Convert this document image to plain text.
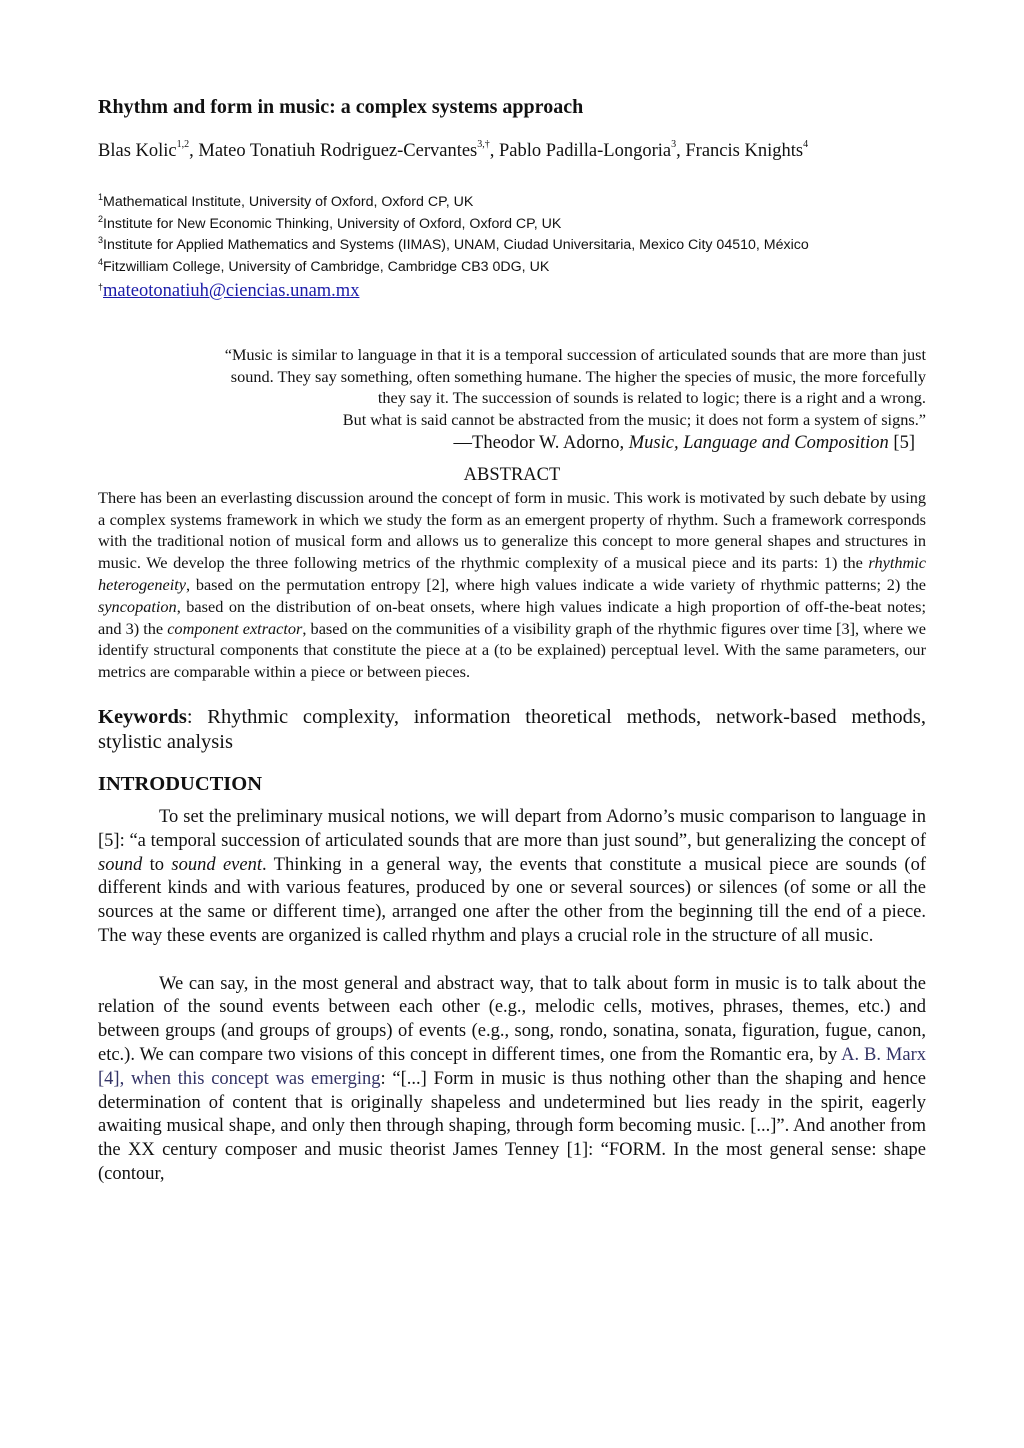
Rhythm and form in music: a complex systems approach
Blas Kolic$^{1,2}$, Mateo Tonatiuh Rodriguez-Cervantes$^{3,\dagger}$, Pablo Padilla-Longoria$^3$, Francis Knights$^4$
$^1$Mathematical Institute, University of Oxford, Oxford CP, UK
$^2$Institute for New Economic Thinking, University of Oxford, Oxford CP, UK
$^3$Institute for Applied Mathematics and Systems (IIMAS), UNAM, Ciudad Universitaria, Mexico City 04510, México
$^4$Fitzwilliam College, University of Cambridge, Cambridge CB3 0DG, UK
†mateotonatiuh@ciencias.unam.mx
“Music is similar to language in that it is a temporal succession of articulated sounds that are more than just
sound. They say something, often something humane. The higher the species of music, the more forcefully
they say it. The succession of sounds is related to logic; there is a right and a wrong.
But what is said cannot be abstracted from the music; it does not form a system of signs.”
—Theodor W. Adorno, Music, Language and Composition [5]
ABSTRACT

There has been an everlasting discussion around the concept of form in music. This work is motivated by such debate by using a complex systems framework in which we study the form as an emergent property of rhythm. Such a framework corresponds with the traditional notion of musical form and allows us to generalize this concept to more general shapes and structures in music. We develop the three following metrics of the rhythmic complexity of a musical piece and its parts: 1) the rhythmic heterogeneity, based on the permutation entropy [2], where high values indicate a wide variety of rhythmic patterns; 2) the syncopation, based on the distribution of on-beat onsets, where high values indicate a high proportion of off-the-beat notes; and 3) the component extractor, based on the communities of a visibility graph of the rhythmic figures over time [3], where we identify structural components that constitute the piece at a (to be explained) perceptual level. With the same parameters, our metrics are comparable within a piece or between pieces.

Keywords: Rhythmic complexity, information theoretical methods, network-based methods, stylistic analysis
INTRODUCTION

To set the preliminary musical notions, we will depart from Adorno’s music comparison to language in [5]: “a temporal succession of articulated sounds that are more than just sound”, but generalizing the concept of sound to sound event. Thinking in a general way, the events that constitute a musical piece are sounds (of different kinds and with various features, produced by one or several sources) or silences (of some or all the sources at the same or different time), arranged one after the other from the beginning till the end of a piece. The way these events are organized is called rhythm and plays a crucial role in the structure of all music.

We can say, in the most general and abstract way, that to talk about form in music is to talk about the relation of the sound events between each other (e.g., melodic cells, motives, phrases, themes, etc.) and between groups (and groups of groups) of events (e.g., song, rondo, sonatina, sonata, figuration, fugue, canon, etc.). We can compare two visions of this concept in different times, one from the Romantic era, by A. B. Marx [4], when this concept was emerging: “[...] Form in music is thus nothing other than the shaping and hence determination of content that is originally shapeless and undetermined but lies ready in the spirit, eagerly awaiting musical shape, and only then through shaping, through form becoming music. [...]”. And another from the XX century composer and music theorist James Tenney [1]: “FORM. In the most general sense: shape (contour,
